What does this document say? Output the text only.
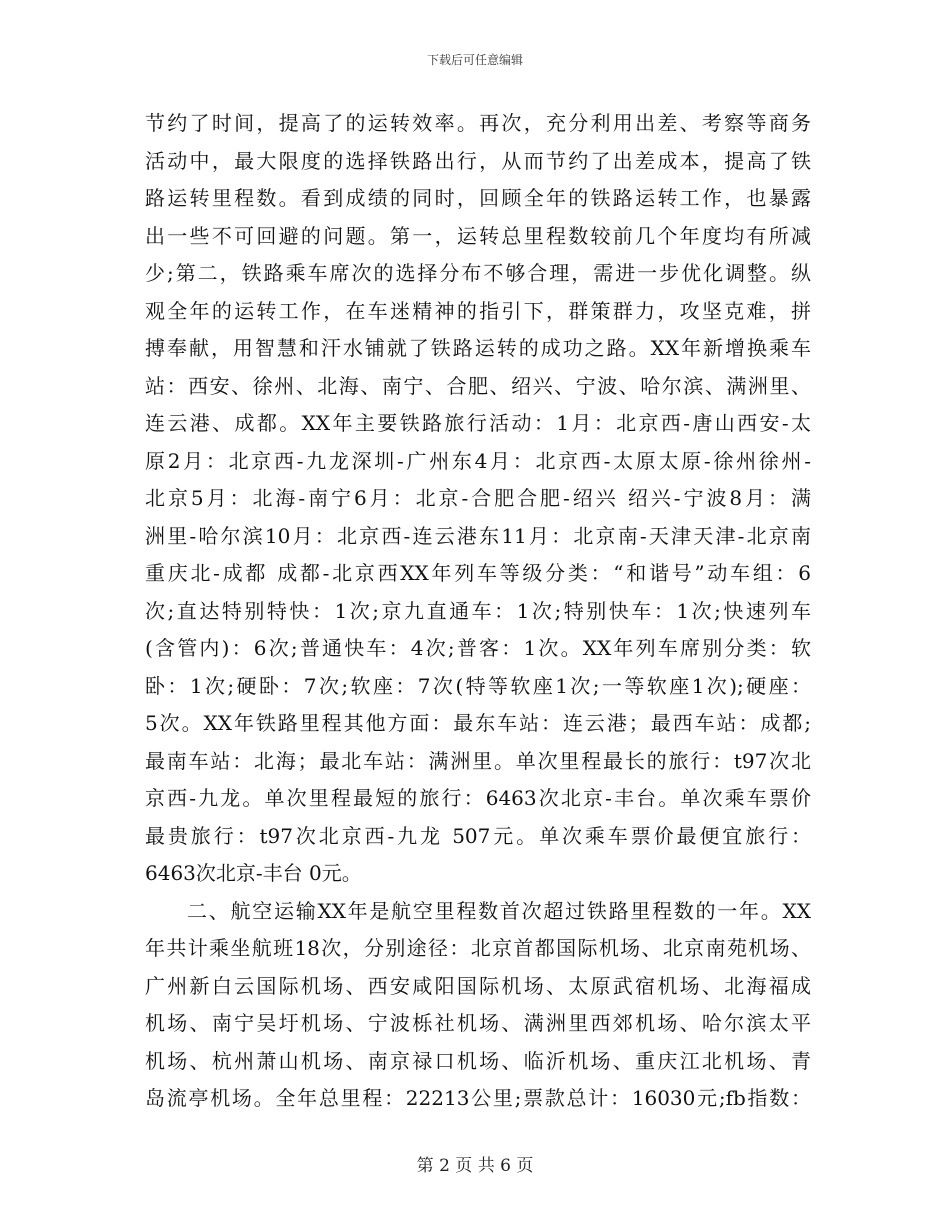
下载后可任意编辑
节约了时间，提高了的运转效率。再次，充分利用出差、考察等商务
活动中，最大限度的选择铁路出行，从而节约了出差成本，提高了铁
路运转里程数。看到成绩的同时，回顾全年的铁路运转工作，也暴露
出一些不可回避的问题。第一，运转总里程数较前几个年度均有所减
少;第二，铁路乘车席次的选择分布不够合理，需进一步优化调整。纵
观全年的运转工作，在车迷精神的指引下，群策群力，攻坚克难，拼
搏奉献，用智慧和汗水铺就了铁路运转的成功之路。XX年新增换乘车
站：西安、徐州、北海、南宁、合肥、绍兴、宁波、哈尔滨、满洲里、
连云港、成都。XX年主要铁路旅行活动：1月：北京西-唐山西安-太
原2月：北京西-九龙深圳-广州东4月：北京西-太原太原-徐州徐州-
北京5月：北海-南宁6月：北京-合肥合肥-绍兴 绍兴-宁波8月：满
洲里-哈尔滨10月：北京西-连云港东11月：北京南-天津天津-北京南
重庆北-成都 成都-北京西XX年列车等级分类：“和谐号”动车组：6
次;直达特别特快：1次;京九直通车：1次;特别快车：1次;快速列车
(含管内)：6次;普通快车：4次;普客：1次。XX年列车席别分类：软
卧：1次;硬卧：7次;软座：7次(特等软座1次;一等软座1次);硬座：
5次。XX年铁路里程其他方面：最东车站：连云港；最西车站：成都;
最南车站：北海；最北车站：满洲里。单次里程最长的旅行：t97次北
京西-九龙。单次里程最短的旅行：6463次北京-丰台。单次乘车票价
最贵旅行：t97次北京西-九龙 507元。单次乘车票价最便宜旅行：
6463次北京-丰台 0元。
二、航空运输XX年是航空里程数首次超过铁路里程数的一年。XX
年共计乘坐航班18次，分别途径：北京首都国际机场、北京南苑机场、
广州新白云国际机场、西安咸阳国际机场、太原武宿机场、北海福成
机场、南宁吴圩机场、宁波栎社机场、满洲里西郊机场、哈尔滨太平
机场、杭州萧山机场、南京禄口机场、临沂机场、重庆江北机场、青
岛流亭机场。全年总里程：22213公里;票款总计：16030元;fb指数：
第 2 页 共 6 页
